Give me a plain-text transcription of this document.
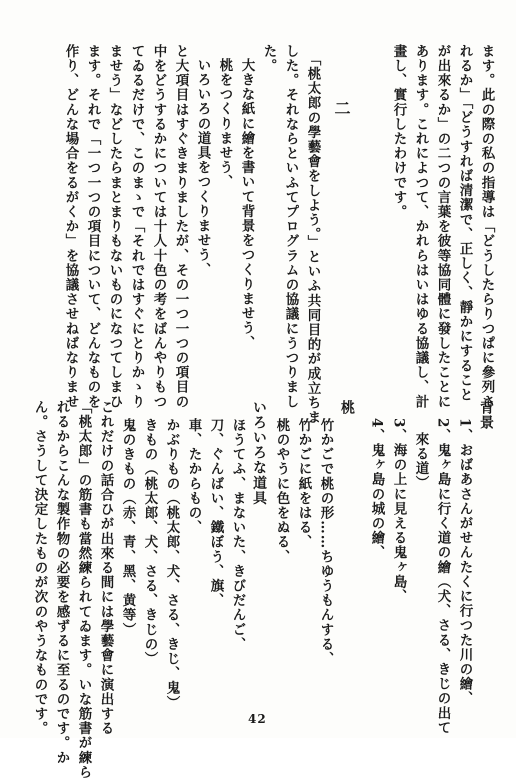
ます。此の際の私の指導は「どうしたらりつぱに參列さ
れるか」「どうすれば清潔で、正しく、靜かにすること
が出來るか」の二つの言葉を彼等協同體に發したことに
あります。これによつて、かれらはいはゆる協議し、計
畫し、實行したわけです。
二
「桃太郎の學藝會をしよう。」といふ共同目的が成立ちま
した。それならといふてプログラムの協議にうつりまし
た。
大きな紙に繪を書いて背景をつくりませう、
桃をつくりませう、
いろいろの道具をつくりませう、
と大項目はすぐきまりましたが、その一つ一つの項目の
中をどうするかについては十人十色の考をばんやりもつ
てゐるだけで、このまゝで「それではすぐにとりかゝり
ませう」などしたらまとまりもないものになつてしまひ
ます。それで「一つ一つの項目について、どんなものを
作り、どんな場合をるがくか」を協議させねばなりませ
背景
1、おばあさんがせんたくに行つた川の繪、
2、鬼ヶ島に行く道の繪（犬、さる、きじの出て
來る道）
3、海の上に見える鬼ヶ島、
4、鬼ヶ島の城の繪、
桃
竹かごで桃の形……ちゆうもんする、
竹かごに紙をはる、
桃のやうに色をぬる、
いろいろな道具
ほうてふ、まないた、きびだんご、
刀、ぐんばい、鐵ぼう、旗、
車、たからもの、
かぶりもの（桃太郎、犬、さる、きじ、鬼）
きもの（桃太郎、犬、さる、きじの）
鬼のきもの（赤、青、黑、黄等）
これだけの話合ひが出來る間には學藝會に演出する
「桃太郎」の筋書も當然練られてゐます。いな筋書が練ら
れるからこんな製作物の必要を感ずるに至るのです。か
ん。さうして決定したものが次のやうなものです。	42
